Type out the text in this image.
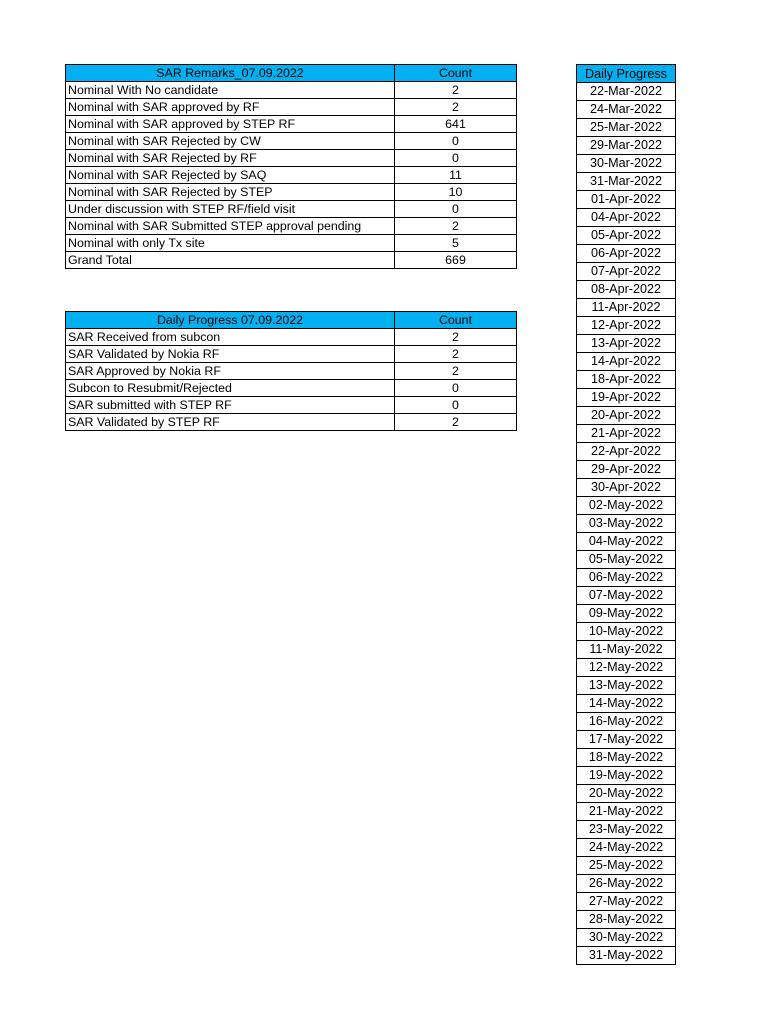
SAR Remarks_07.09.2022	Count
Nominal With No candidate	2
Nominal with SAR approved by RF	2
Nominal with SAR approved by STEP RF	641
Nominal with SAR Rejected by CW	0
Nominal with SAR Rejected by RF	0
Nominal with SAR Rejected by SAQ	11
Nominal with SAR Rejected by STEP	10
Under discussion with STEP RF/field visit	0
Nominal with SAR Submitted STEP approval pending	2
Nominal with only Tx site	5
Grand Total	669
Daily Progress 07.09.2022	Count
SAR Received from subcon	2
SAR Validated by Nokia RF	2
SAR Approved by Nokia RF	2
Subcon to Resubmit/Rejected	0
SAR submitted with STEP RF	0
SAR Validated by STEP RF	2
Daily Progress
22-Mar-2022
24-Mar-2022
25-Mar-2022
29-Mar-2022
30-Mar-2022
31-Mar-2022
01-Apr-2022
04-Apr-2022
05-Apr-2022
06-Apr-2022
07-Apr-2022
08-Apr-2022
11-Apr-2022
12-Apr-2022
13-Apr-2022
14-Apr-2022
18-Apr-2022
19-Apr-2022
20-Apr-2022
21-Apr-2022
22-Apr-2022
29-Apr-2022
30-Apr-2022
02-May-2022
03-May-2022
04-May-2022
05-May-2022
06-May-2022
07-May-2022
09-May-2022
10-May-2022
11-May-2022
12-May-2022
13-May-2022
14-May-2022
16-May-2022
17-May-2022
18-May-2022
19-May-2022
20-May-2022
21-May-2022
23-May-2022
24-May-2022
25-May-2022
26-May-2022
27-May-2022
28-May-2022
30-May-2022
31-May-2022
